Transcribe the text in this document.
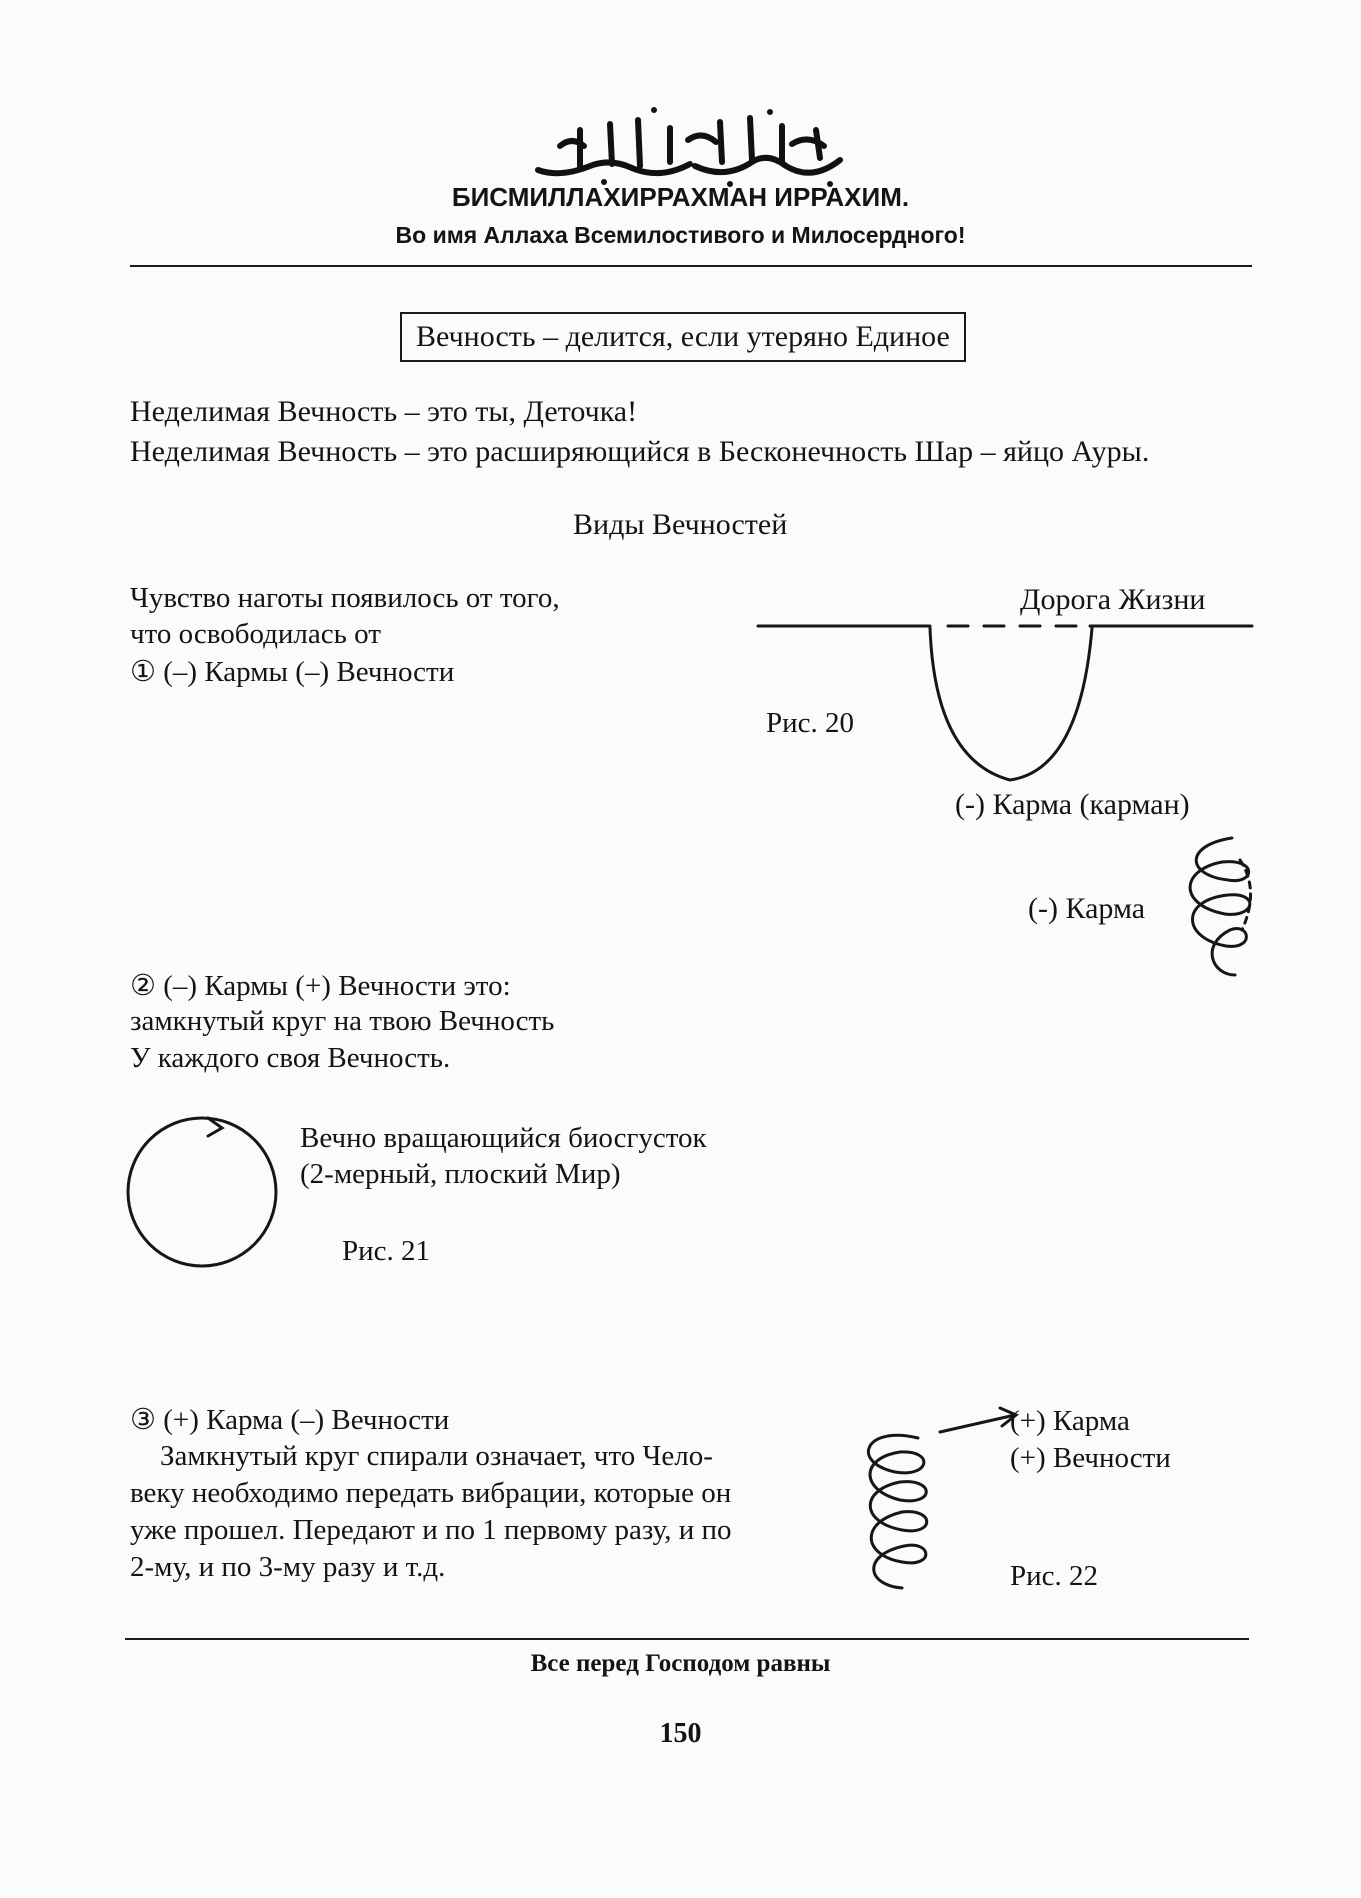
БИСМИЛЛАХИРРАХМАН ИРРАХИМ.
Во имя Аллаха Всемилостивого и Милосердного!
Вечность – делится, если утеряно Единое
Неделимая Вечность – это ты, Деточка!
Неделимая Вечность – это расширяющийся в Бесконечность Шар – яйцо Ауры.
Виды Вечностей
Чувство наготы появилось от того,
что освободилась от
① (–) Кармы (–) Вечности
Дорога Жизни
Рис. 20
(-) Карма (карман)
(-) Карма
② (–) Кармы (+) Вечности это:
замкнутый круг на твою Вечность
У каждого своя Вечность.
Вечно вращающийся биосгусток
(2-мерный, плоский Мир)
Рис. 21
③ (+) Карма (–) Вечности
Замкнутый круг спирали означает, что Чело-
веку необходимо передать вибрации, которые он
уже прошел. Передают и по 1 первому разу, и по
2-му, и по 3-му разу и т.д.
(+) Карма
(+) Вечности
Рис. 22
Все перед Господом равны
150
